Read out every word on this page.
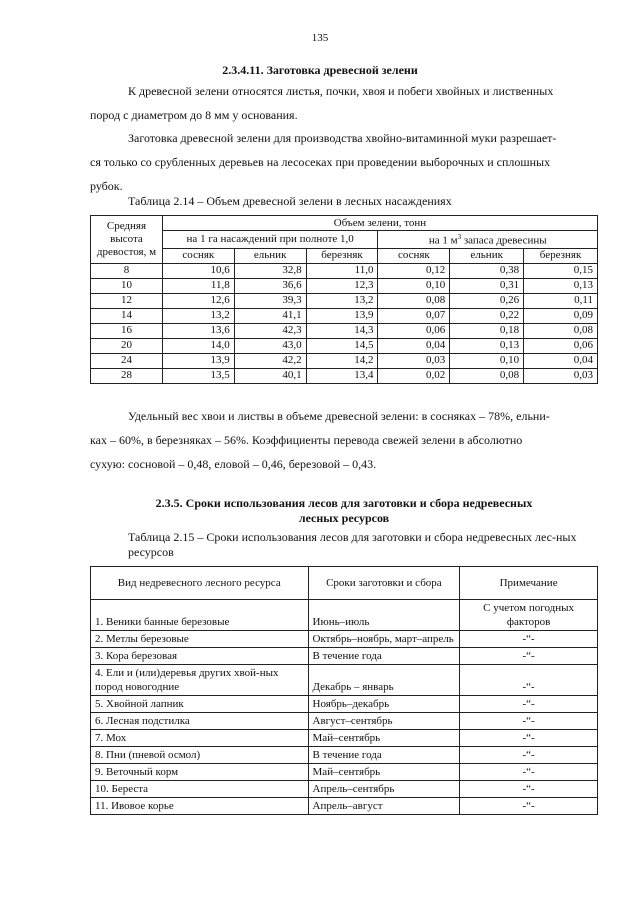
135
2.3.4.11. Заготовка древесной зелени
К древесной зелени относятся листья, почки, хвоя и побеги хвойных и лиственных
пород с диаметром до 8 мм у основания.
Заготовка древесной зелени для производства хвойно-витаминной муки разрешает-
ся только со срубленных деревьев на лесосеках при проведении выборочных и сплошных
рубок.
Таблица 2.14 – Объем древесной зелени в лесных насаждениях
Средняя высота древостоя, м	Объем зелени, тонн					
	на 1 га насаждений при полноте 1,0			на 1 $м^3$ запаса древесины		
	сосняк	ельник	березняк	сосняк	ельник	березняк
8	10,6	32,8	11,0	0,12	0,38	0,15
10	11,8	36,6	12,3	0,10	0,31	0,13
12	12,6	39,3	13,2	0,08	0,26	0,11
14	13,2	41,1	13,9	0,07	0,22	0,09
16	13,6	42,3	14,3	0,06	0,18	0,08
20	14,0	43,0	14,5	0,04	0,13	0,06
24	13,9	42,2	14,2	0,03	0,10	0,04
28	13,5	40,1	13,4	0,02	0,08	0,03
Удельный вес хвои и листвы в объеме древесной зелени: в сосняках – 78%, ельни-
ках – 60%, в березняках – 56%. Коэффициенты перевода свежей зелени в абсолютно
сухую: сосновой – 0,48, еловой – 0,46, березовой – 0,43.
2.3.5. Сроки использования лесов для заготовки и сбора недревесных
лесных ресурсов
Таблица 2.15 – Сроки использования лесов для заготовки и сбора недревесных лес-ных ресурсов
Вид недревесного лесного ресурса	Сроки заготовки и сбора	Примечание
1. Веники банные березовые	Июнь–июль	С учетом погодных факторов
2. Метлы березовые	Октябрь–ноябрь, март–апрель	-“-
3. Кора березовая	В течение года	-“-
4. Ели и (или)деревья других хвой-ных пород новогодние	Декабрь – январь	-“-
5. Хвойной лапник	Ноябрь–декабрь	-“-
6. Лесная подстилка	Август–сентябрь	-“-
7. Мох	Май–сентябрь	-“-
8. Пни (пневой осмол)	В течение года	-“-
9. Веточный корм	Май–сентябрь	-“-
10. Береста	Апрель–сентябрь	-“-
11. Ивовое корье	Апрель–август	-“-
